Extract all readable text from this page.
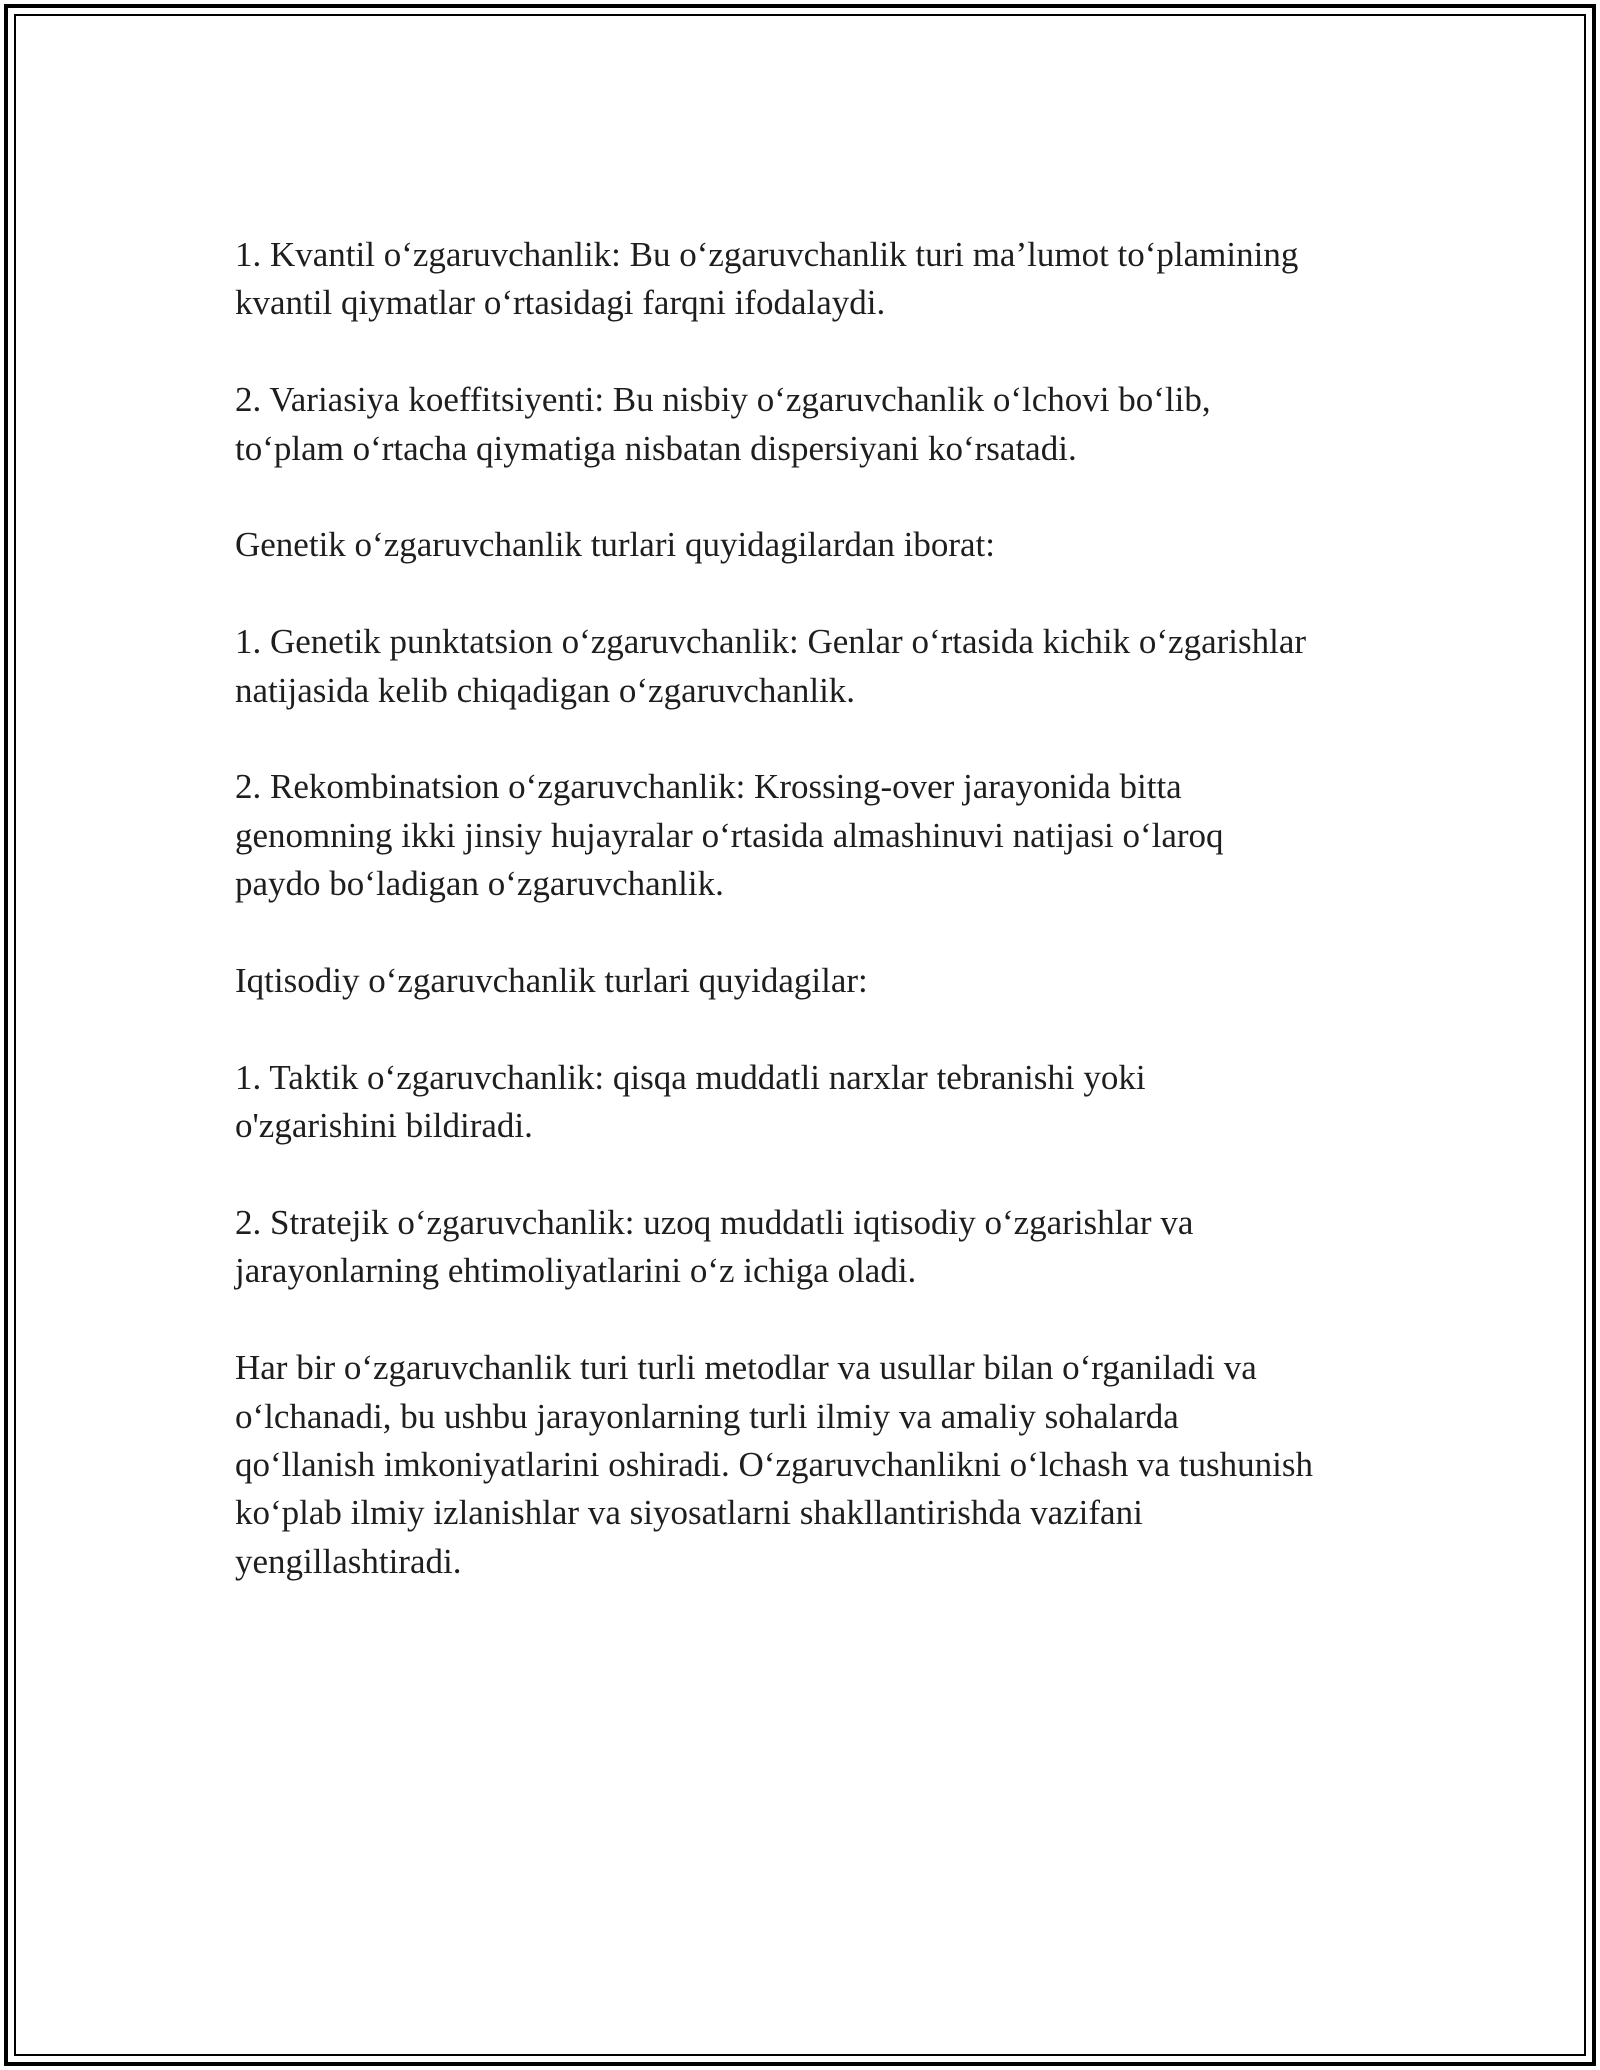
1. Kvantil o‘zgaruvchanlik: Bu o‘zgaruvchanlik turi ma’lumot to‘plamining
kvantil qiymatlar o‘rtasidagi farqni ifodalaydi.

2. Variasiya koeffitsiyenti: Bu nisbiy o‘zgaruvchanlik o‘lchovi bo‘lib,
to‘plam o‘rtacha qiymatiga nisbatan dispersiyani ko‘rsatadi.

Genetik o‘zgaruvchanlik turlari quyidagilardan iborat:

1. Genetik punktatsion o‘zgaruvchanlik: Genlar o‘rtasida kichik o‘zgarishlar
natijasida kelib chiqadigan o‘zgaruvchanlik.

2. Rekombinatsion o‘zgaruvchanlik: Krossing-over jarayonida bitta
genomning ikki jinsiy hujayralar o‘rtasida almashinuvi natijasi o‘laroq
paydo bo‘ladigan o‘zgaruvchanlik.

Iqtisodiy o‘zgaruvchanlik turlari quyidagilar:

1. Taktik o‘zgaruvchanlik: qisqa muddatli narxlar tebranishi yoki
o'zgarishini bildiradi.

2. Stratejik o‘zgaruvchanlik: uzoq muddatli iqtisodiy o‘zgarishlar va
jarayonlarning ehtimoliyatlarini o‘z ichiga oladi.

Har bir o‘zgaruvchanlik turi turli metodlar va usullar bilan o‘rganiladi va
o‘lchanadi, bu ushbu jarayonlarning turli ilmiy va amaliy sohalarda
qo‘llanish imkoniyatlarini oshiradi. O‘zgaruvchanlikni o‘lchash va tushunish
ko‘plab ilmiy izlanishlar va siyosatlarni shakllantirishda vazifani
yengillashtiradi.
